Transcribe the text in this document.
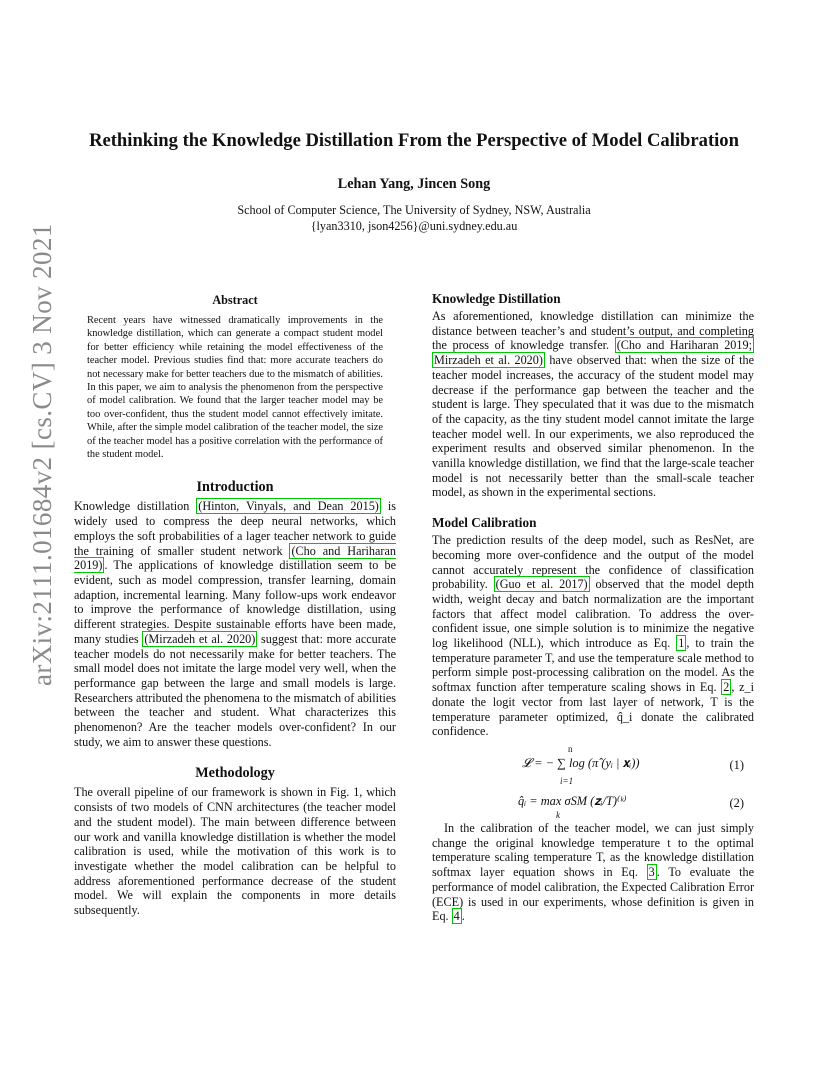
arXiv:2111.01684v2 [cs.CV] 3 Nov 2021
Rethinking the Knowledge Distillation From the Perspective of Model Calibration
Lehan Yang, Jincen Song
School of Computer Science, The University of Sydney, NSW, Australia
{lyan3310, json4256}@uni.sydney.edu.au
Abstract
Recent years have witnessed dramatically improvements in the knowledge distillation, which can generate a compact student model for better efficiency while retaining the model effectiveness of the teacher model. Previous studies find that: more accurate teachers do not necessary make for better teachers due to the mismatch of abilities. In this paper, we aim to analysis the phenomenon from the perspective of model calibration. We found that the larger teacher model may be too over-confident, thus the student model cannot effectively imitate. While, after the simple model calibration of the teacher model, the size of the teacher model has a positive correlation with the performance of the student model.
Introduction
Knowledge distillation (Hinton, Vinyals, and Dean 2015) is widely used to compress the deep neural networks, which employs the soft probabilities of a lager teacher network to guide the training of smaller student network (Cho and Hariharan 2019) . The applications of knowledge distillation seem to be evident, such as model compression, transfer learning, domain adaption, incremental learning. Many follow-ups work endeavor to improve the performance of knowledge distillation, using different strategies. Despite sustainable efforts have been made, many studies (Mirzadeh et al. 2020) suggest that: more accurate teacher models do not necessarily make for better teachers. The small model does not imitate the large model very well, when the performance gap between the large and small models is large. Researchers attributed the phenomena to the mismatch of abilities between the teacher and student. What characterizes this phenomenon? Are the teacher models over-confident? In our study, we aim to answer these questions.
Methodology
The overall pipeline of our framework is shown in Fig. 1, which consists of two models of CNN architectures (the teacher model and the student model). The main between difference between our work and vanilla knowledge distillation is whether the model calibration is used, while the motivation of this work is to investigate whether the model calibration can be helpful to address aforementioned performance decrease of the student model. We will explain the components in more details subsequently.
Knowledge Distillation
As aforementioned, knowledge distillation can minimize the distance between teacher’s and student’s output, and completing the process of knowledge transfer. (Cho and Hariharan 2019; Mirzadeh et al. 2020) have observed that: when the size of the teacher model increases, the accuracy of the student model may decrease if the performance gap between the teacher and the student is large. They speculated that it was due to the mismatch of the capacity, as the tiny student model cannot imitate the large teacher model well. In our experiments, we also reproduced the experiment results and observed similar phenomenon. In the vanilla knowledge distillation, we find that the large-scale teacher model is not necessarily better than the small-scale teacher model, as shown in the experimental sections.
Model Calibration
The prediction results of the deep model, such as ResNet, are becoming more over-confidence and the output of the model cannot accurately represent the confidence of classification probability. (Guo et al. 2017) observed that the model depth width, weight decay and batch normalization are the important factors that affect model calibration. To address the over-confident issue, one simple solution is to minimize the negative log likelihood (NLL), which introduce as Eq. 1 , to train the temperature parameter T, and use the temperature scale method to perform simple post-processing calibration on the model. As the softmax function after temperature scaling shows in Eq. 2 , z_i donate the logit vector from last layer of network, T is the temperature parameter optimized, q̂_i donate the calibrated confidence.
n
𝓛 = − ∑ log (π̂ (yᵢ | 𝐱ᵢ))
i=1
(1)
q̂ᵢ = max σSM (𝐳ᵢ/T)⁽ᵏ⁾
k
(2)
In the calibration of the teacher model, we can just simply change the original knowledge temperature t to the optimal temperature scaling temperature T, as the knowledge distillation softmax layer equation shows in Eq. 3 . To evaluate the performance of model calibration, the Expected Calibration Error (ECE) is used in our experiments, whose definition is given in Eq. 4 .
